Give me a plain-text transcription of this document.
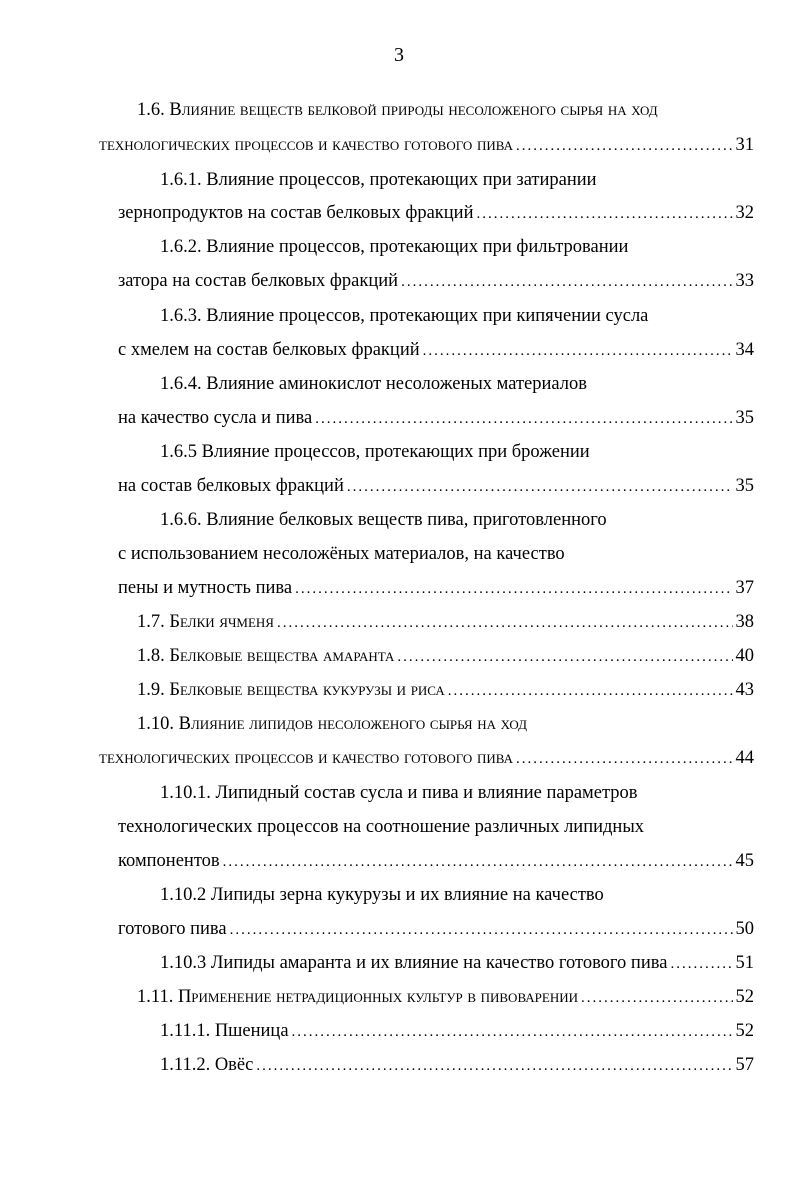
3
1.6. Влияние веществ белковой природы несоложеного сырья на ход
технологических процессов и качество готового пива .....	31
1.6.1. Влияние процессов, протекающих при затирании
зернопродуктов на состав белковых фракций .....	32
1.6.2. Влияние процессов, протекающих при фильтровании
затора на состав белковых фракций .....	33
1.6.3. Влияние процессов, протекающих при кипячении сусла
с хмелем на состав белковых фракций .....	34
1.6.4. Влияние аминокислот несоложеных материалов
на качество сусла и пива .....	35
1.6.5 Влияние процессов, протекающих при брожении
на состав белковых фракций .....	35
1.6.6. Влияние белковых веществ пива, приготовленного
с использованием несоложёных материалов, на качество
пены и мутность пива .....	37
1.7. Белки ячменя .....	38
1.8. Белковые вещества амаранта .....	40
1.9. Белковые вещества кукурузы и риса .....	43
1.10. Влияние липидов несоложеного сырья на ход
технологических процессов и качество готового пива .....	44
1.10.1. Липидный состав сусла и пива и влияние параметров
технологических процессов на соотношение различных липидных
компонентов .....	45
1.10.2 Липиды зерна кукурузы и их влияние на качество
готового пива .....	50
1.10.3 Липиды амаранта и их влияние на качество готового пива .....	51
1.11. Применение нетрадиционных культур в пивоварении .....	52
1.11.1. Пшеница .....	52
1.11.2. Овёс .....	57
